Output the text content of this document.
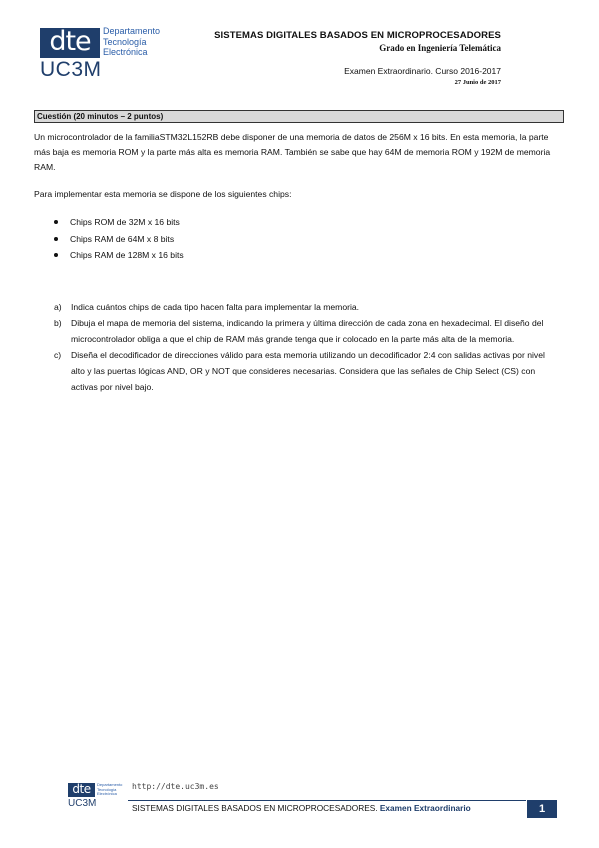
dte	Departamento
Tecnología
Electrónica
UC3M
SISTEMAS DIGITALES BASADOS EN MICROPROCESADORES
Grado en Ingeniería Telemática
Examen Extraordinario. Curso 2016-2017
27 Junio de 2017
Cuestión (20 minutos – 2 puntos)

Un microcontrolador de la familiaSTM32L152RB debe disponer de una memoria de datos de 256M x 16 bits. En esta memoria, la parte más baja es memoria ROM y la parte más alta es memoria RAM. También se sabe que hay 64M de memoria ROM y 192M de memoria RAM.

Para implementar esta memoria se dispone de los siguientes chips:

Chips ROM de 32M x 16 bits
Chips RAM de 64M x 8 bits
Chips RAM de 128M x 16 bits
a) Indica cuántos chips de cada tipo hacen falta para implementar la memoria.
b) Dibuja el mapa de memoria del sistema, indicando la primera y última dirección de cada zona en hexadecimal. El diseño del microcontrolador obliga a que el chip de RAM más grande tenga que ir colocado en la parte más alta de la memoria.
c) Diseña el decodificador de direcciones válido para esta memoria utilizando un decodificador 2:4 con salidas activas por nivel alto y las puertas lógicas AND, OR y NOT que consideres necesarias. Considera que las señales de Chip Select (CS) con activas por nivel bajo.
dte	Departamento
Tecnología
Electrónica
UC3M
http://dte.uc3m.es
SISTEMAS DIGITALES BASADOS EN MICROPROCESADORES. Examen Extraordinario	1
